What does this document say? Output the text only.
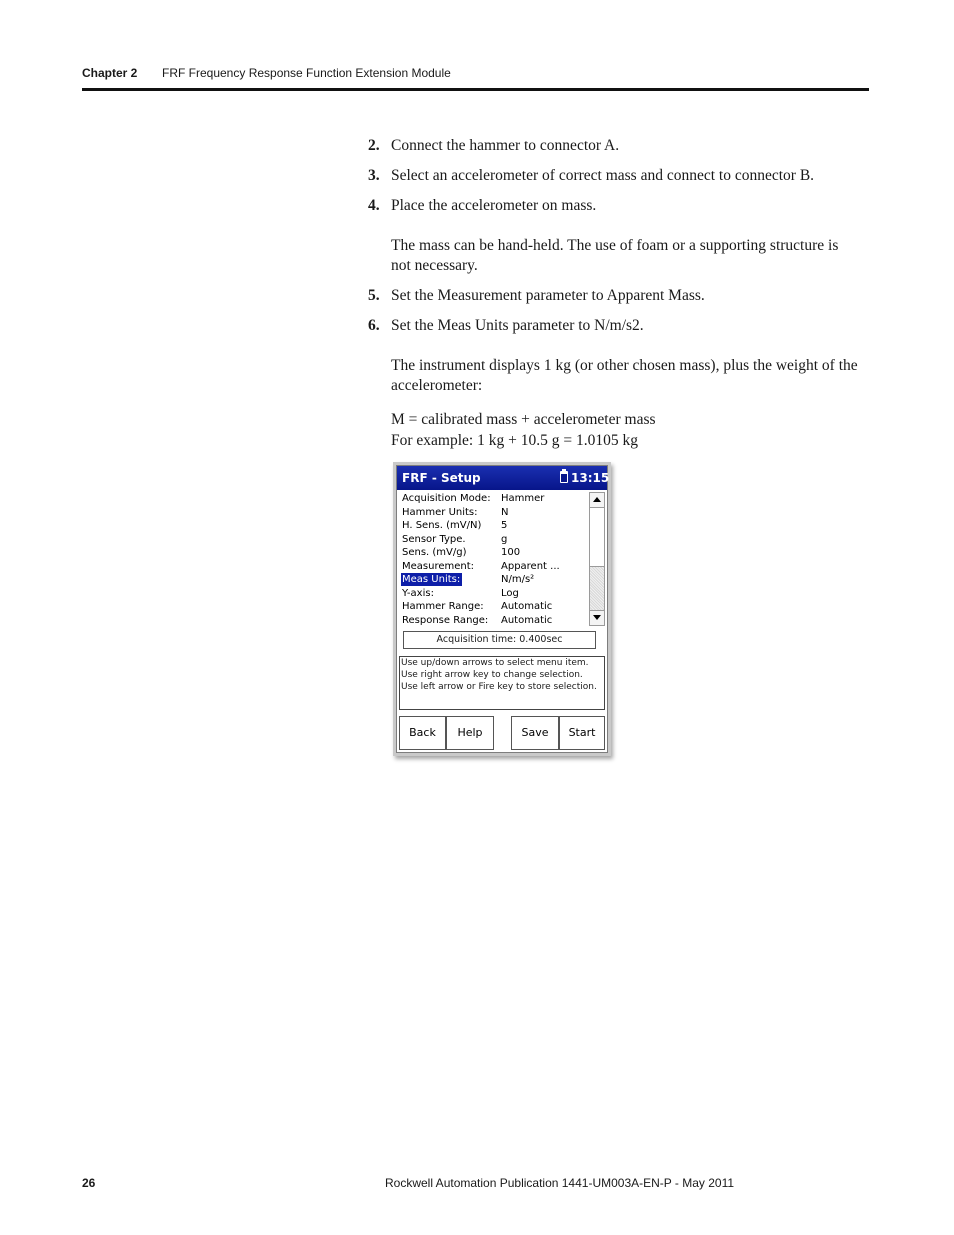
Chapter 2 FRF Frequency Response Function Extension Module
2. Connect the hammer to connector A.
3. Select an accelerometer of correct mass and connect to connector B.
4. Place the accelerometer on mass.
The mass can be hand-held. The use of foam or a supporting structure is
not necessary.
5. Set the Measurement parameter to Apparent Mass.
6. Set the Meas Units parameter to N/m/s2.
The instrument displays 1 kg (or other chosen mass), plus the weight of the
accelerometer:
M = calibrated mass + accelerometer mass
For example: 1 kg + 10.5 g = 1.0105 kg
FRF - Setup	13:15
Acquisition Mode: Hammer
Hammer Units: N
H. Sens. (mV/N) 5
Sensor Type.	g
Sens. (mV/g)	100
Measurement:	Apparent ...
Meas Units:	N/m/s²
Y-axis:	Log
Hammer Range: Automatic
Response Range: Automatic
Acquisition time: 0.400sec
Use up/down arrows to select menu item.
Use right arrow key to change selection.
Use left arrow or Fire key to store selection.
Back	Help	Save	Start
26	Rockwell Automation Publication 1441-UM003A-EN-P - May 2011
